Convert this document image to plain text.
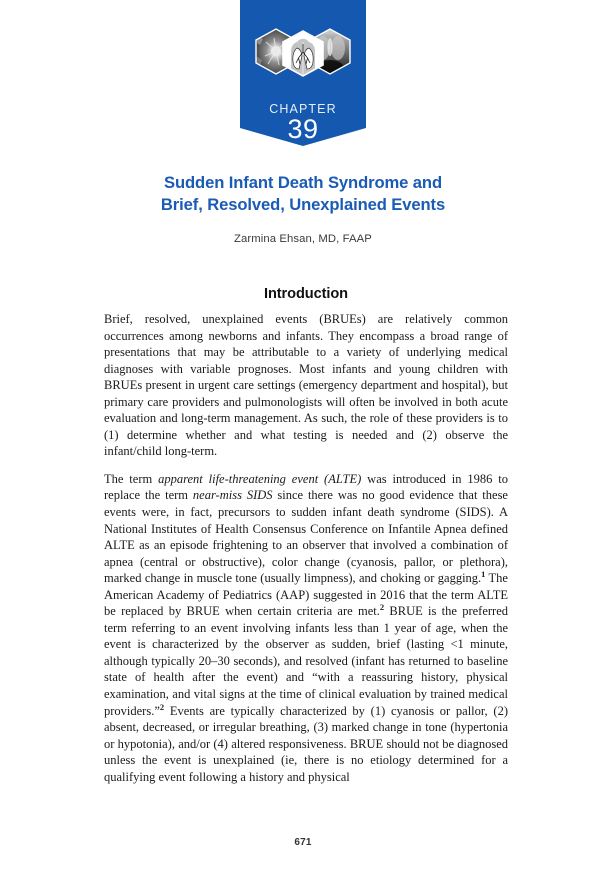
CHAPTER
39
Sudden Infant Death Syndrome and
Brief, Resolved, Unexplained Events
Zarmina Ehsan, MD, FAAP
Introduction

Brief, resolved, unexplained events (BRUEs) are relatively common occurrences among newborns and infants. They encompass a broad range of presentations that may be attributable to a variety of underlying medical diagnoses with variable prognoses. Most infants and young children with BRUEs present in urgent care settings (emergency department and hospital), but primary care providers and pulmonologists will often be involved in both acute evaluation and long-term management. As such, the role of these providers is to (1) determine whether and what testing is needed and (2) observe the infant/child long-term.

The term apparent life-threatening event (ALTE) was introduced in 1986 to replace the term near-miss SIDS since there was no good evidence that these events were, in fact, precursors to sudden infant death syndrome (SIDS). A National Institutes of Health Consensus Conference on Infantile Apnea defined ALTE as an episode frightening to an observer that involved a combination of apnea (central or obstructive), color change (cyanosis, pallor, or plethora), marked change in muscle tone (usually limpness), and choking or gagging.$^1$ The American Academy of Pediatrics (AAP) suggested in 2016 that the term ALTE be replaced by BRUE when certain criteria are met.$^2$ BRUE is the preferred term referring to an event involving infants less than 1 year of age, when the event is characterized by the observer as sudden, brief (lasting <1 minute, although typically 20–30 seconds), and resolved (infant has returned to baseline state of health after the event) and “with a reassuring history, physical examination, and vital signs at the time of clinical evaluation by trained medical providers.”$^2$ Events are typically characterized by (1) cyanosis or pallor, (2) absent, decreased, or irregular breathing, (3) marked change in tone (hypertonia or hypotonia), and/or (4) altered responsiveness. BRUE should not be diagnosed unless the event is unexplained (ie, there is no etiology determined for a qualifying event following a history and physical

671
